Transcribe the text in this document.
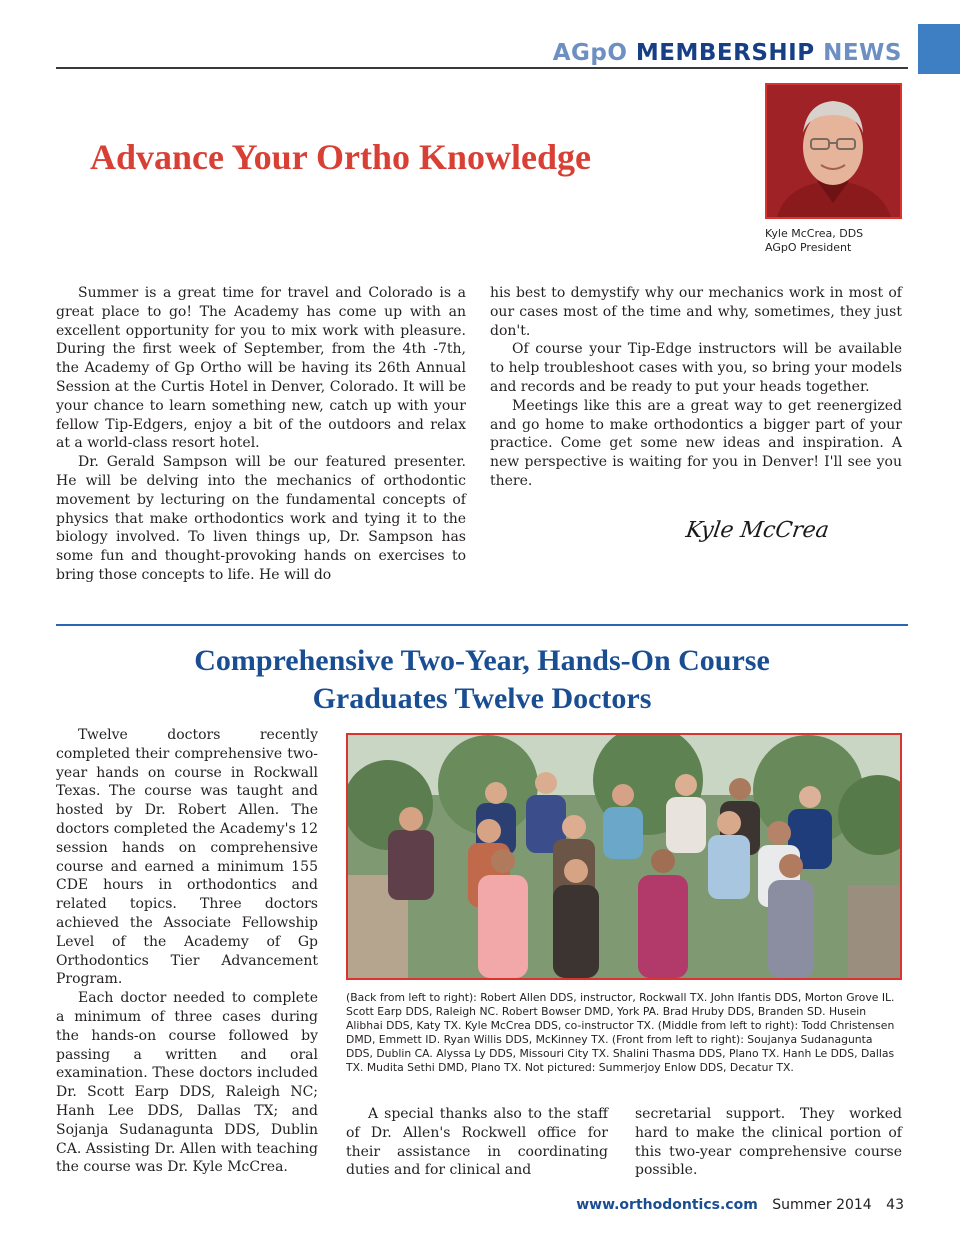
AGpO MEMBERSHIP NEWS
Advance Your Ortho Knowledge
Kyle McCrea, DDS
AGpO President

Summer is a great time for travel and Colorado is a great place to go! The Academy has come up with an excellent opportunity for you to mix work with pleasure. During the first week of September, from the 4th -7th, the Academy of Gp Ortho will be having its 26th Annual Session at the Curtis Hotel in Denver, Colorado. It will be your chance to learn something new, catch up with your fellow Tip-Edgers, enjoy a bit of the outdoors and relax at a world-class resort hotel.

Dr. Gerald Sampson will be our featured presenter. He will be delving into the mechanics of orthodontic movement by lecturing on the fundamental concepts of physics that make orthodontics work and tying it to the biology involved. To liven things up, Dr. Sampson has some fun and thought-provoking hands on exercises to bring those concepts to life. He will do

his best to demystify why our mechanics work in most of our cases most of the time and why, sometimes, they just don't.

Of course your Tip-Edge instructors will be available to help troubleshoot cases with you, so bring your models and records and be ready to put your heads together.

Meetings like this are a great way to get reenergized and go home to make orthodontics a bigger part of your practice. Come get some new ideas and inspiration. A new perspective is waiting for you in Denver! I'll see you there.

Kyle McCrea
Comprehensive Two-Year, Hands-On Course
Graduates Twelve Doctors

Twelve doctors recently completed their comprehensive two-year hands on course in Rockwall Texas. The course was taught and hosted by Dr. Robert Allen. The doctors completed the Academy's 12 session hands on comprehensive course and earned a minimum 155 CDE hours in orthodontics and related topics. Three doctors achieved the Associate Fellowship Level of the Academy of Gp Orthodontics Tier Advancement Program.

Each doctor needed to complete a minimum of three cases during the hands-on course followed by passing a written and oral examination. These doctors included Dr. Scott Earp DDS, Raleigh NC; Hanh Lee DDS, Dallas TX; and Sojanja Sudanagunta DDS, Dublin CA. Assisting Dr. Allen with teaching the course was Dr. Kyle McCrea.

(Back from left to right): Robert Allen DDS, instructor, Rockwall TX. John Ifantis DDS, Morton Grove IL. Scott Earp DDS, Raleigh NC. Robert Bowser DMD, York PA. Brad Hruby DDS, Branden SD. Husein Alibhai DDS, Katy TX. Kyle McCrea DDS, co-instructor TX. (Middle from left to right): Todd Christensen DMD, Emmett ID. Ryan Willis DDS, McKinney TX. (Front from left to right): Soujanya Sudanagunta DDS, Dublin CA. Alyssa Ly DDS, Missouri City TX. Shalini Thasma DDS, Plano TX. Hanh Le DDS, Dallas TX. Mudita Sethi DMD, Plano TX. Not pictured: Summerjoy Enlow DDS, Decatur TX.

A special thanks also to the staff of Dr. Allen's Rockwell office for their assistance in coordinating duties and for clinical and

secretarial support. They worked hard to make the clinical portion of this two-year comprehensive course possible.

www.orthodontics.com Summer 2014 43
